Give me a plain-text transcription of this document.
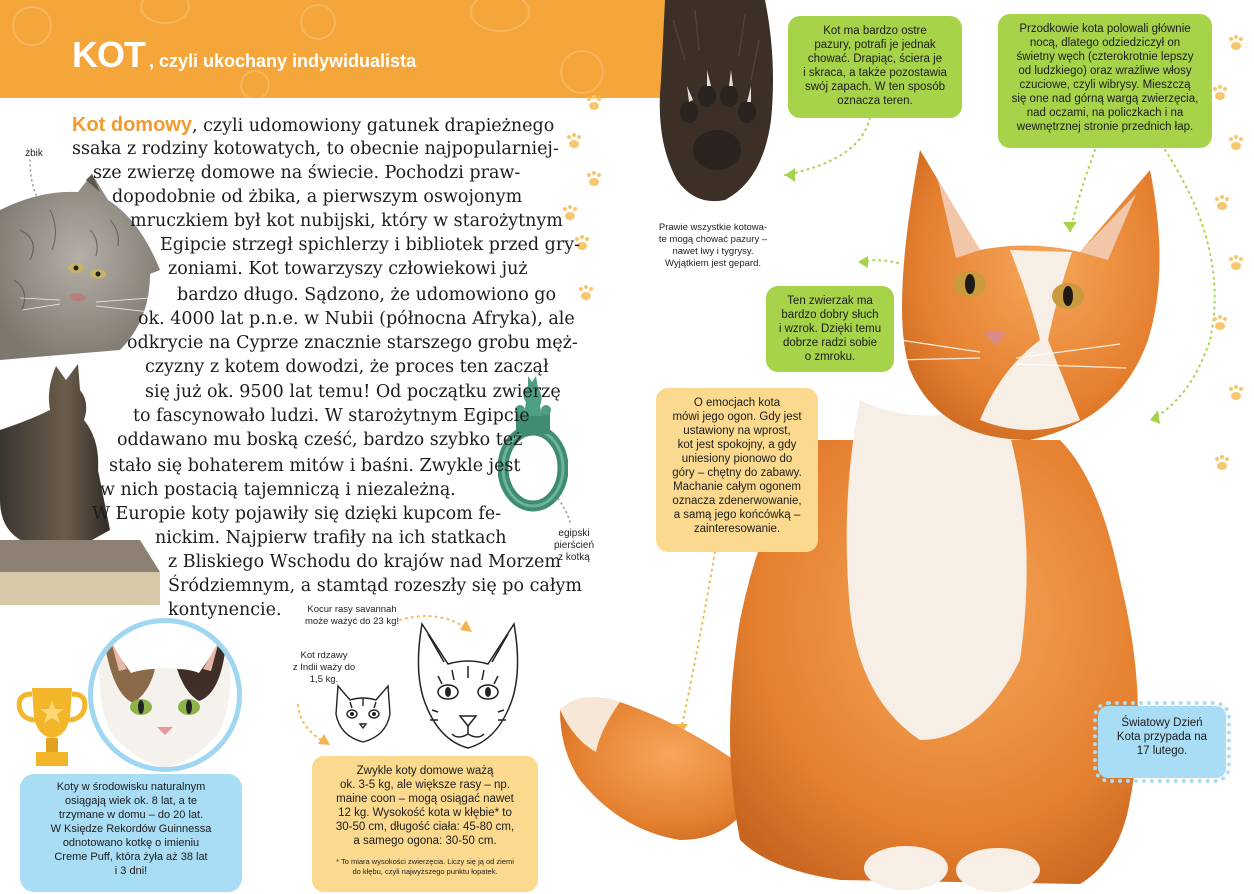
KOT , czyli ukochany indywidualista
Kot domowy, czyli udomowiony gatunek drapieżnego
ssaka z rodziny kotowatych, to obecnie najpopularniej-
sze zwierzę domowe na świecie. Pochodzi praw-
dopodobnie od żbika, a pierwszym oswojonym
mruczkiem był kot nubijski, który w starożytnym
Egipcie strzegł spichlerzy i bibliotek przed gry-
zoniami. Kot towarzyszy człowiekowi już
bardzo długo. Sądzono, że udomowiono go
ok. 4000 lat p.n.e. w Nubii (północna Afryka), ale
odkrycie na Cyprze znacznie starszego grobu męż-
czyzny z kotem dowodzi, że proces ten zaczął
się już ok. 9500 lat temu! Od początku zwierzę
to fascynowało ludzi. W starożytnym Egipcie
oddawano mu boską cześć, bardzo szybko też
stało się bohaterem mitów i baśni. Zwykle jest
w nich postacią tajemniczą i niezależną.
W Europie koty pojawiły się dzięki kupcom fe-
nickim. Najpierw trafiły na ich statkach
z Bliskiego Wschodu do krajów nad Morzem
Śródziemnym, a stamtąd rozeszły się po całym
kontynencie.
żbik
egipski
pierścień
z kotką
Prawie wszystkie kotowa-
te mogą chować pazury –
nawet lwy i tygrysy.
Wyjątkiem jest gepard.
Kocur rasy savannah
może ważyć do 23 kg!
Kot rdzawy
z Indii waży do
1,5 kg.
Kot ma bardzo ostre
pazury, potrafi je jednak
chować. Drapiąc, ściera je
i skraca, a także pozostawia
swój zapach. W ten sposób
oznacza teren.
Przodkowie kota polowali głównie
nocą, dlatego odziedziczył on
świetny węch (czterokrotnie lepszy
od ludzkiego) oraz wrażliwe włosy
czuciowe, czyli wibrysy. Mieszczą
się one nad górną wargą zwierzęcia,
nad oczami, na policzkach i na
wewnętrznej stronie przednich łap.
Ten zwierzak ma
bardzo dobry słuch
i wzrok. Dzięki temu
dobrze radzi sobie
o zmroku.
O emocjach kota
mówi jego ogon. Gdy jest
ustawiony na wprost,
kot jest spokojny, a gdy
uniesiony pionowo do
góry – chętny do zabawy.
Machanie całym ogonem
oznacza zdenerwowanie,
a samą jego końcówką –
zainteresowanie.
Zwykle koty domowe ważą
ok. 3-5 kg, ale większe rasy – np.
maine coon – mogą osiągać nawet
12 kg. Wysokość kota w kłębie* to
30-50 cm, długość ciała: 45-80 cm,
a samego ogona: 30-50 cm.
* To miara wysokości zwierzęcia. Liczy się ją od ziemi
do kłębu, czyli najwyższego punktu łopatek.
Koty w środowisku naturalnym
osiągają wiek ok. 8 lat, a te
trzymane w domu – do 20 lat.
W Księdze Rekordów Guinnessa
odnotowano kotkę o imieniu
Creme Puff, która żyła aż 38 lat
i 3 dni!
Światowy Dzień
Kota przypada na
17 lutego.
